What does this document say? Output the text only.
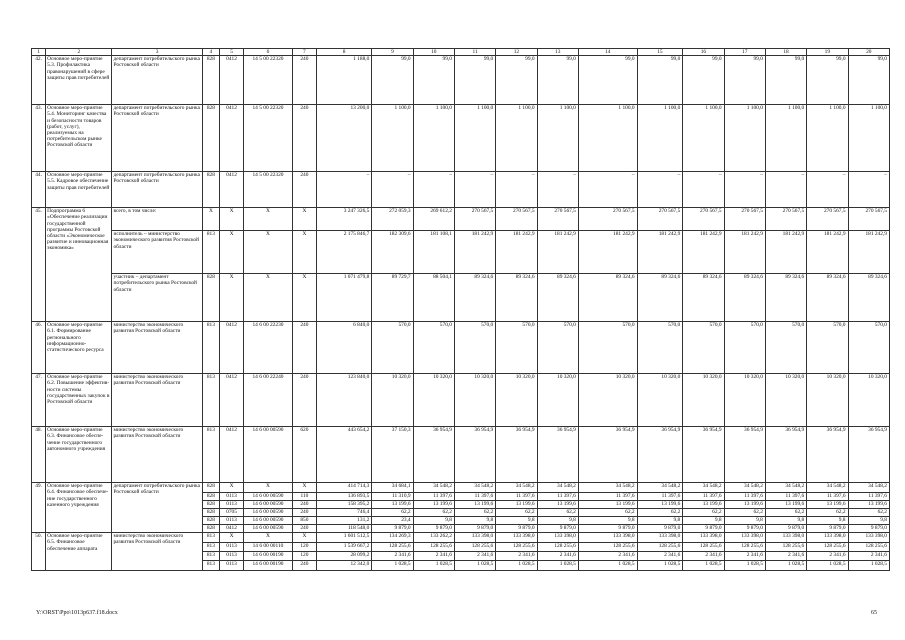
1	2	3	4	5	6	7	8	9	10	11	12	13	14	15	16	17	18	19	20
42.	Основное меро-приятие 5.3. Профилактика правонарушений в сфере защиты прав потребителей	департамент потребительского рынка Ростовской области	828	0412	14 5 00 22320	240	1 188,0	99,0	99,0	99,0	99,0	99,0	99,0	99,0	99,0	99,0	99,0	99,0	99,0
43.	Основное меро-приятие 5.4. Мониторинг качества и безопасности товаров (работ, услуг), реализуемых на потребительском рынке Ростовской области	департамент потребительского рынка Ростовской области	828	0412	14 5 00 22320	240	13 200,0	1 100,0	1 100,0	1 100,0	1 100,0	1 100,0	1 100,0	1 100,0	1 100,0	1 100,0	1 100,0	1 100,0	1 100,0
44.	Основное меро-приятие 5.5. Кадровое обеспечение защиты прав потребителей	департамент потребительского рынка Ростовской области	828	0412	14 5 00 22320	240	–	–	–	–	–	–	–	–	–	–	–	–	–
45.	Подпрограмма 6 «Обеспечение реализации государственной программы Ростовской области «Экономическое развитие и инновационная экономика»	всего, в том числе:	X	X	X	X	3 247 326,5	272 059,3	269 612,2	270 567,5	270 567,5	270 567,5	270 567,5	270 567,5	270 567,5	270 567,5	270 567,5	270 567,5	270 567,5
		исполнитель – министерство экономического развития Ростовской области	813	X	X	X	2 175 846,7	182 309,6	181 108,1	181 242,9	181 242,9	181 242,9	181 242,9	181 242,9	181 242,9	181 242,9	181 242,9	181 242,9	181 242,9
		участник – департамент потребительского рынка Ростовской области	828	X	X	X	1 071 479,8	89 729,7	88 504,1	89 324,6	89 324,6	89 324,6	89 324,6	89 324,6	89 324,6	89 324,6	89 324,6	89 324,6	89 324,6
46.	Основное меро-приятие 6.1. Формирование регионального информационно-статистического ресурса	министерство экономического развития Ростовской области	813	0412	14 6 00 22230	240	6 840,0	570,0	570,0	570,0	570,0	570,0	570,0	570,0	570,0	570,0	570,0	570,0	570,0
47.	Основное меро-приятие 6.2. Повышение эффектив-ности системы государственных закупок в Ростовской области	министерство экономического развития Ростовской области	813	0412	14 6 00 22240	240	123 840,0	10 320,0	10 320,0	10 320,0	10 320,0	10 320,0	10 320,0	10 320,0	10 320,0	10 320,0	10 320,0	10 320,0	10 320,0
48.	Основное меро-приятие 6.3. Финансовое обеспе-чение государственного автономного учреждения	министерство экономического развития Ростовской области	813	0412	14 6 00 00590	620	443 654,2	37 150,3	36 954,9	36 954,9	36 954,9	36 954,9	36 954,9	36 954,9	36 954,9	36 954,9	36 954,9	36 954,9	36 954,9
49.	Основное меро-приятие 6.4. Финансовое обеспече-ние государственного казенного учреждения	департамент потребительского рынка Ростовской области	828	X	X	X	414 714,3	34 684,1	34 548,2	34 548,2	34 548,2	34 548,2	34 548,2	34 548,2	34 548,2	34 548,2	34 548,2	34 548,2	34 548,2
			828	0113	14 6 00 00590	110	136 893,5	11 310,9	11 397,6	11 397,6	11 397,6	11 397,6	11 397,6	11 397,6	11 397,6	11 397,6	11 397,6	11 397,6	11 397,6
			828	0113	14 6 00 00590	240	158 395,2	13 199,6	13 199,6	13 199,6	13 199,6	13 199,6	13 199,6	13 199,6	13 199,6	13 199,6	13 199,6	13 199,6	13 199,6
			828	0705	14 6 00 00590	240	746,4	62,2	62,2	62,2	62,2	62,2	62,2	62,2	62,2	62,2	62,2	62,2	62,2
			828	0113	14 6 00 00590	850	131,2	23,4	9,8	9,8	9,8	9,8	9,8	9,8	9,8	9,8	9,8	9,8	9,8
			828	0412	14 6 00 00590	240	118 548,0	9 879,0	9 879,0	9 879,0	9 879,0	9 879,0	9 879,0	9 879,0	9 879,0	9 879,0	9 879,0	9 879,0	9 879,0
50.	Основное меро-приятие 6.5. Финансовое обеспечение аппарата	министерство экономического развития Ростовской области	813	X	X	X	1 601 512,5	134 269,3	133 262,2	133 398,0	133 398,0	133 398,0	133 398,0	133 398,0	133 398,0	133 398,0	133 398,0	133 398,0	133 398,0
			813	0113	14 6 00 00110	120	1 539 667,2	128 255,6	128 255,6	128 255,6	128 255,6	128 255,6	128 255,6	128 255,6	128 255,6	128 255,6	128 255,6	128 255,6	128 255,6
			813	0113	14 6 00 00190	120	28 099,2	2 341,6	2 341,6	2 341,6	2 341,6	2 341,6	2 341,6	2 341,6	2 341,6	2 341,6	2 341,6	2 341,6	2 341,6
			813	0113	14 6 00 00190	240	12 342,0	1 028,5	1 028,5	1 028,5	1 028,5	1 028,5	1 028,5	1 028,5	1 028,5	1 028,5	1 028,5	1 028,5	1 028,5
Y:\ORST\Ppo\1013p637.f18.docx	65
